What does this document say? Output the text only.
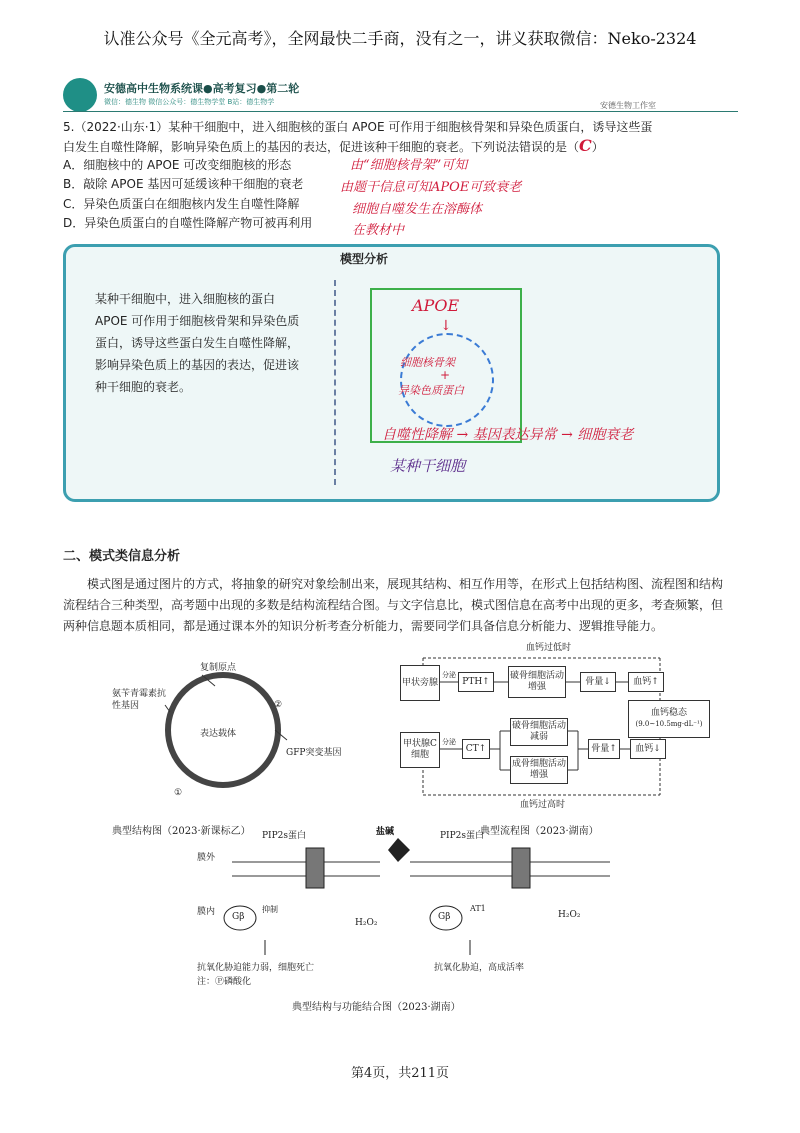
认准公众号《全元高考》，全网最快二手商，没有之一，讲义获取微信：Neko-2324
安德高中生物系统课●高考复习●第二轮
微信：德生物 微信公众号：德生物学堂 B站：德生物学	安德生物工作室
5.（2022·山东·1）某种干细胞中，进入细胞核的蛋白 APOE 可作用于细胞核骨架和异染色质蛋白，诱导这些蛋
白发生自噬性降解，影响异染色质上的基因的表达，促进该种干细胞的衰老。下列说法错误的是（C）
A．细胞核中的 APOE 可改变细胞核的形态
B．敲除 APOE 基因可延缓该种干细胞的衰老
C．异染色质蛋白在细胞核内发生自噬性降解
D．异染色质蛋白的自噬性降解产物可被再利用
由“细胞核骨架”可知
由题干信息可知APOE可致衰老
细胞自噬发生在溶酶体
在教材中
模型分析
某种干细胞中，进入细胞核的蛋白 APOE 可作用于细胞核骨架和异染色质蛋白，诱导这些蛋白发生自噬性降解，影响异染色质上的基因的表达，促进该种干细胞的衰老。
APOE
↓
细胞核骨架
+
异染色质蛋白
自噬性降解 → 基因表达异常 → 细胞衰老
某种干细胞
二、模式类信息分析
模式图是通过图片的方式，将抽象的研究对象绘制出来，展现其结构、相互作用等，在形式上包括结构图、流程图和结构流程结合三种类型，高考题中出现的多数是结构流程结合图。与文字信息比，模式图信息在高考中出现的更多，考查频繁，但两种信息题本质相同，都是通过课本外的知识分析考查分析能力，需要同学们具备信息分析能力、逻辑推导能力。
复制原点
氨苄青霉素抗性基因
表达载体
GFP突变基因
①
②
典型结构图（2023·新课标乙）
血钙过低时
甲状旁腺
分泌
PTH↑
破骨细胞活动增强
骨量↓	血钙↑
血钙稳态
(9.0~10.5mg·dL⁻¹)
甲状腺C细胞
分泌
CT↑
破骨细胞活动减弱
成骨细胞活动增强
骨量↑	血钙↓
血钙过高时
典型流程图（2023·湖南）
膜外
膜内
PIP2s蛋白	PIP2s蛋白
盐碱
Gβ	Gβ
抑制	AT1
H₂O₂
H₂O₂
抗氧化胁迫能力弱，细胞死亡
注：Ⓟ磷酸化
抗氧化胁迫，高成活率
典型结构与功能结合图（2023·湖南）
第4页，共211页
